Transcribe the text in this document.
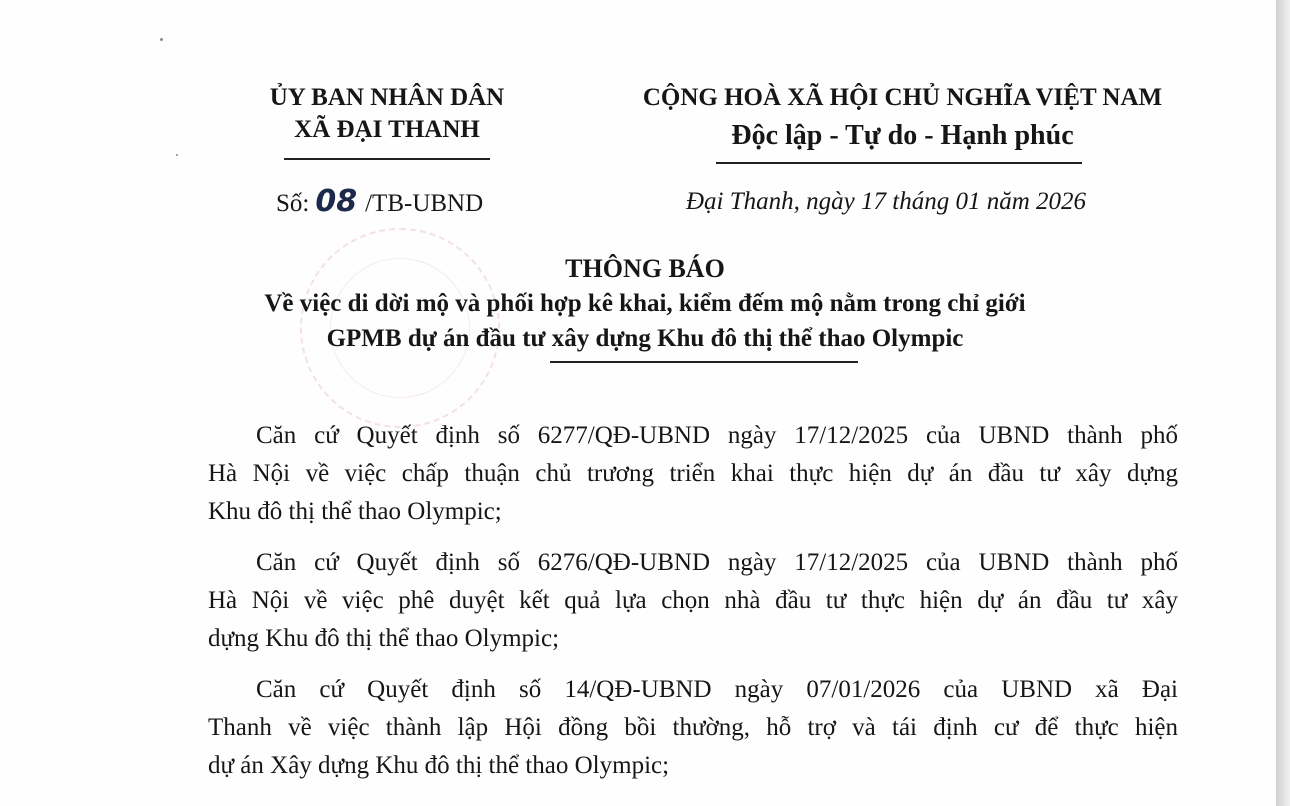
ỦY BAN NHÂN DÂN
XÃ ĐẠI THANH
CỘNG HOÀ XÃ HỘI CHỦ NGHĨA VIỆT NAM
Độc lập - Tự do - Hạnh phúc
Số: 08 /TB-UBND	Đại Thanh, ngày 17 tháng 01 năm 2026
THÔNG BÁO
Về việc di dời mộ và phối hợp kê khai, kiểm đếm mộ nằm trong chỉ giới
GPMB dự án đầu tư xây dựng Khu đô thị thể thao Olympic
Căn cứ Quyết định số 6277/QĐ-UBND ngày 17/12/2025 của UBND thành phố
Hà Nội về việc chấp thuận chủ trương triển khai thực hiện dự án đầu tư xây dựng
Khu đô thị thể thao Olympic;
Căn cứ Quyết định số 6276/QĐ-UBND ngày 17/12/2025 của UBND thành phố
Hà Nội về việc phê duyệt kết quả lựa chọn nhà đầu tư thực hiện dự án đầu tư xây
dựng Khu đô thị thể thao Olympic;
Căn cứ Quyết định số 14/QĐ-UBND ngày 07/01/2026 của UBND xã Đại
Thanh về việc thành lập Hội đồng bồi thường, hỗ trợ và tái định cư để thực hiện
dự án Xây dựng Khu đô thị thể thao Olympic;
